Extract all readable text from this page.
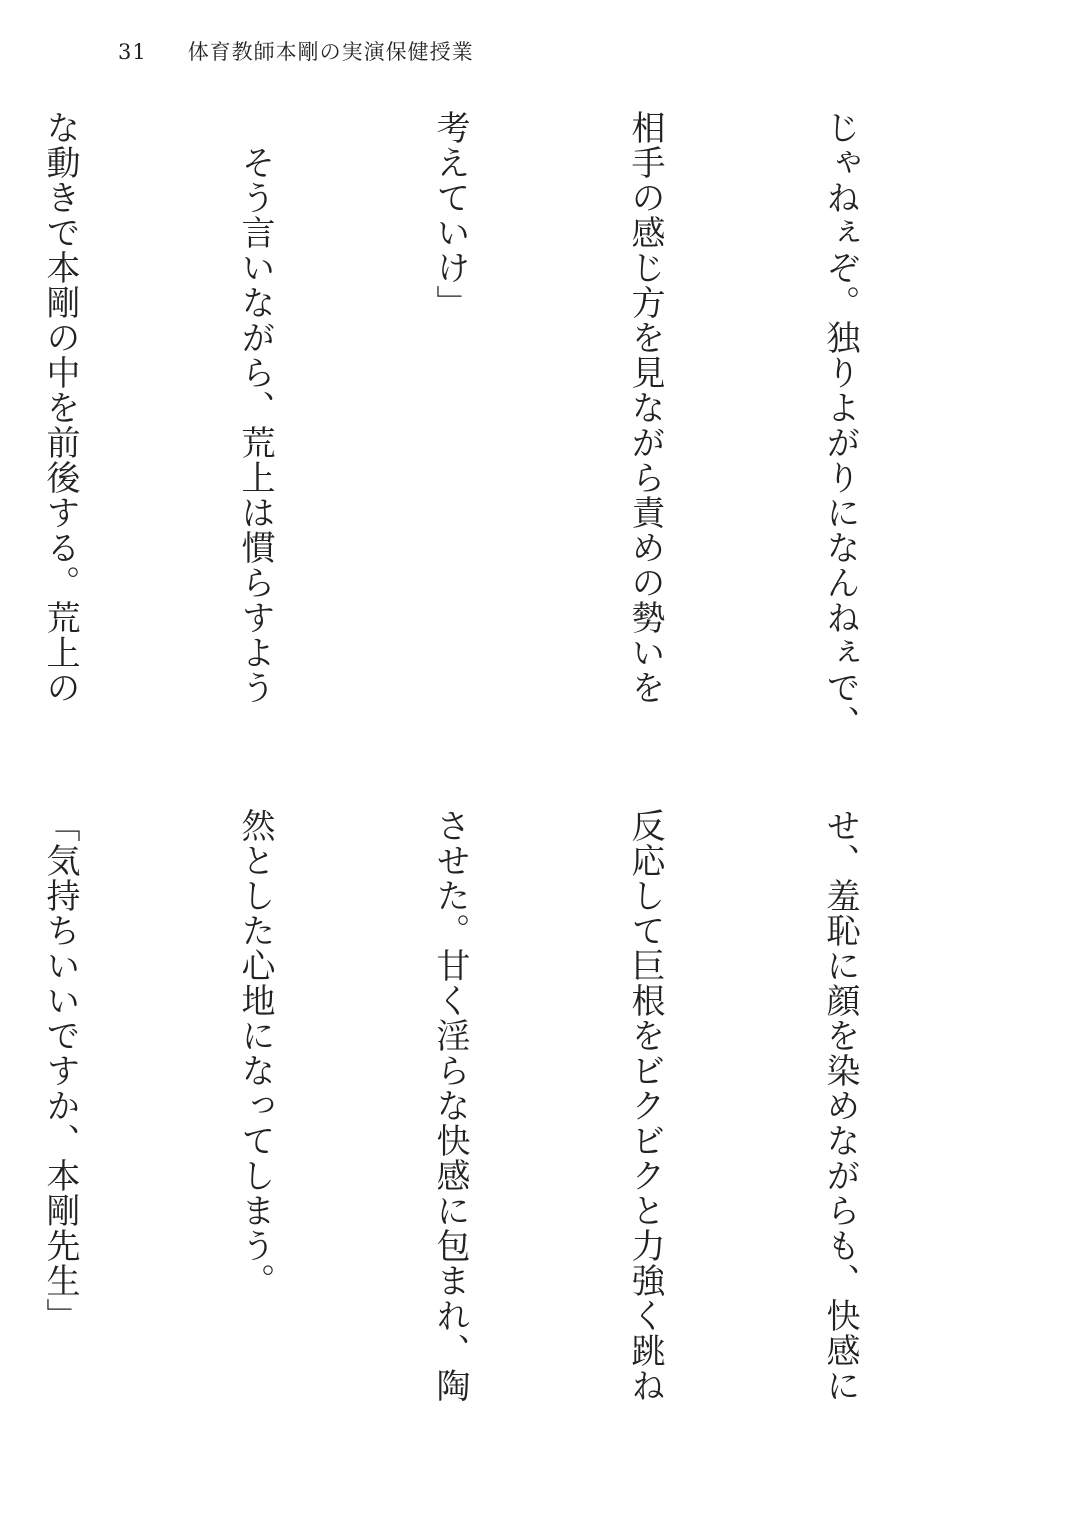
31 体育教師本剛の実演保健授業

じゃねぇぞ。独りよがりになんねぇで、

相手の感じ方を見ながら責めの勢いを

考えていけ」

　そう言いながら、荒上は慣らすよう

な動きで本剛の中を前後する。荒上の

せ、羞恥に顔を染めながらも、快感に

反応して巨根をビクビクと力強く跳ね

させた。甘く淫らな快感に包まれ、陶

然とした心地になってしまう。

「気持ちいいですか、本剛先生」
